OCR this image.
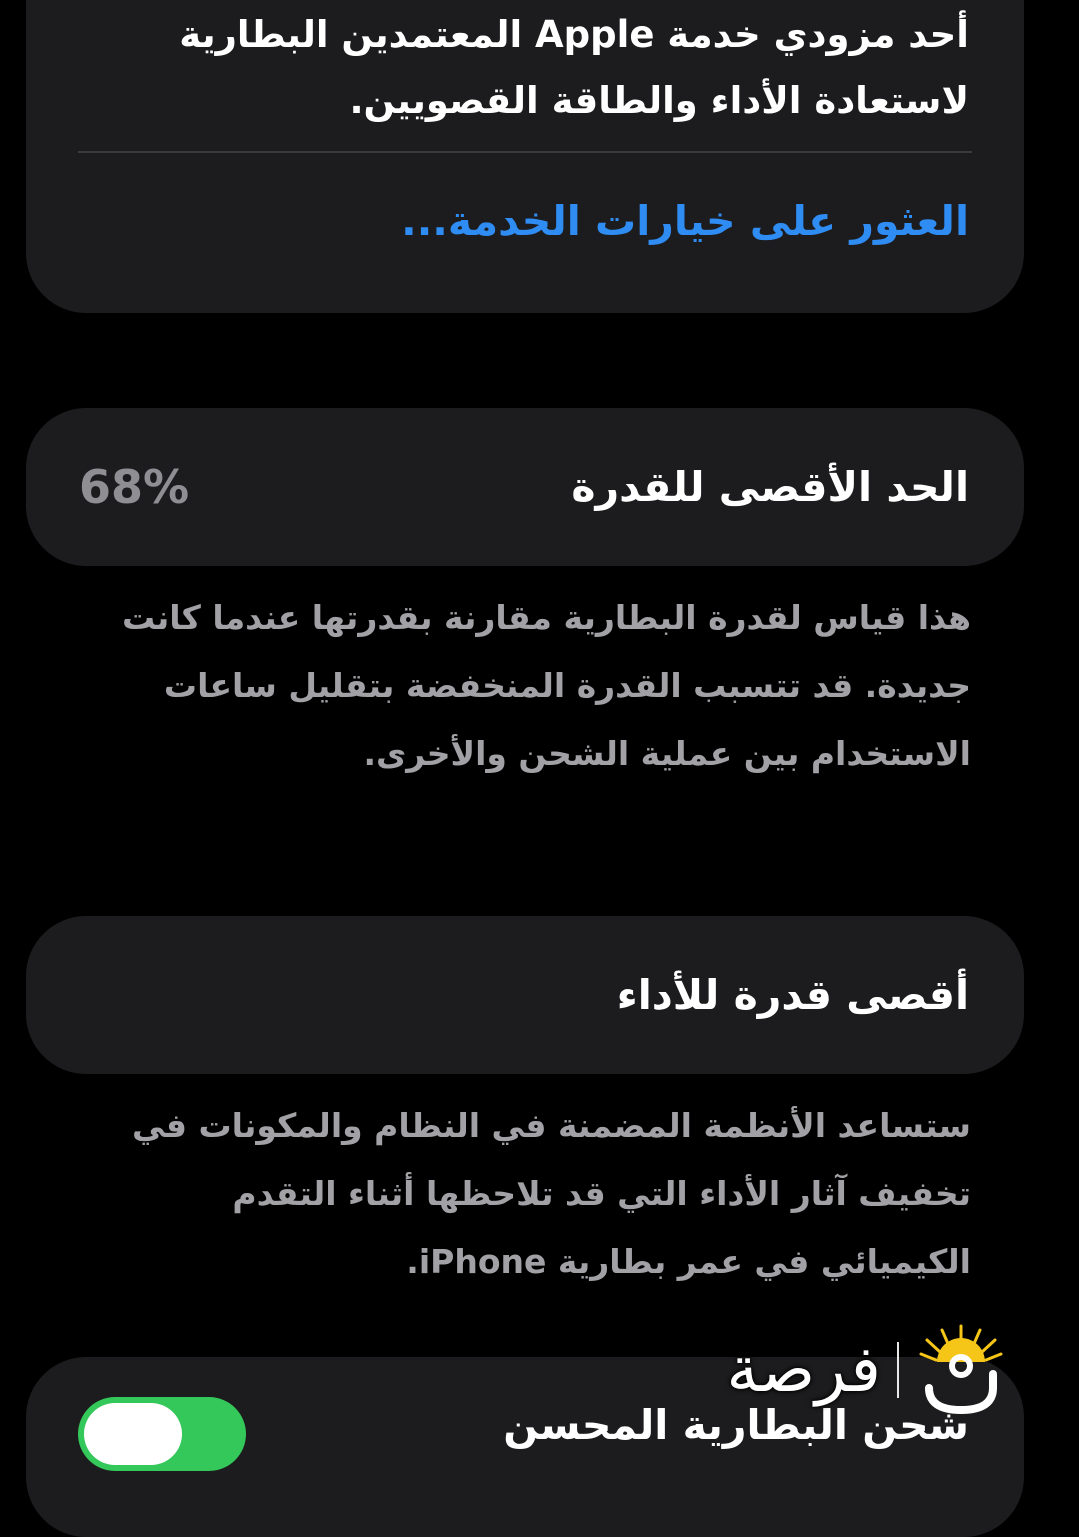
أحد مزودي خدمة Apple المعتمدين البطارية لاستعادة الأداء والطاقة القصويين.
العثور على خيارات الخدمة...
الحد الأقصى للقدرة
68%
هذا قياس لقدرة البطارية مقارنة بقدرتها عندما كانت جديدة. قد تتسبب القدرة المنخفضة بتقليل ساعات الاستخدام بين عملية الشحن والأخرى.
أقصى قدرة للأداء
ستساعد الأنظمة المضمنة في النظام والمكونات في تخفيف آثار الأداء التي قد تلاحظها أثناء التقدم الكيميائي في عمر بطارية iPhone.
شحن البطارية المحسن
فرصة
